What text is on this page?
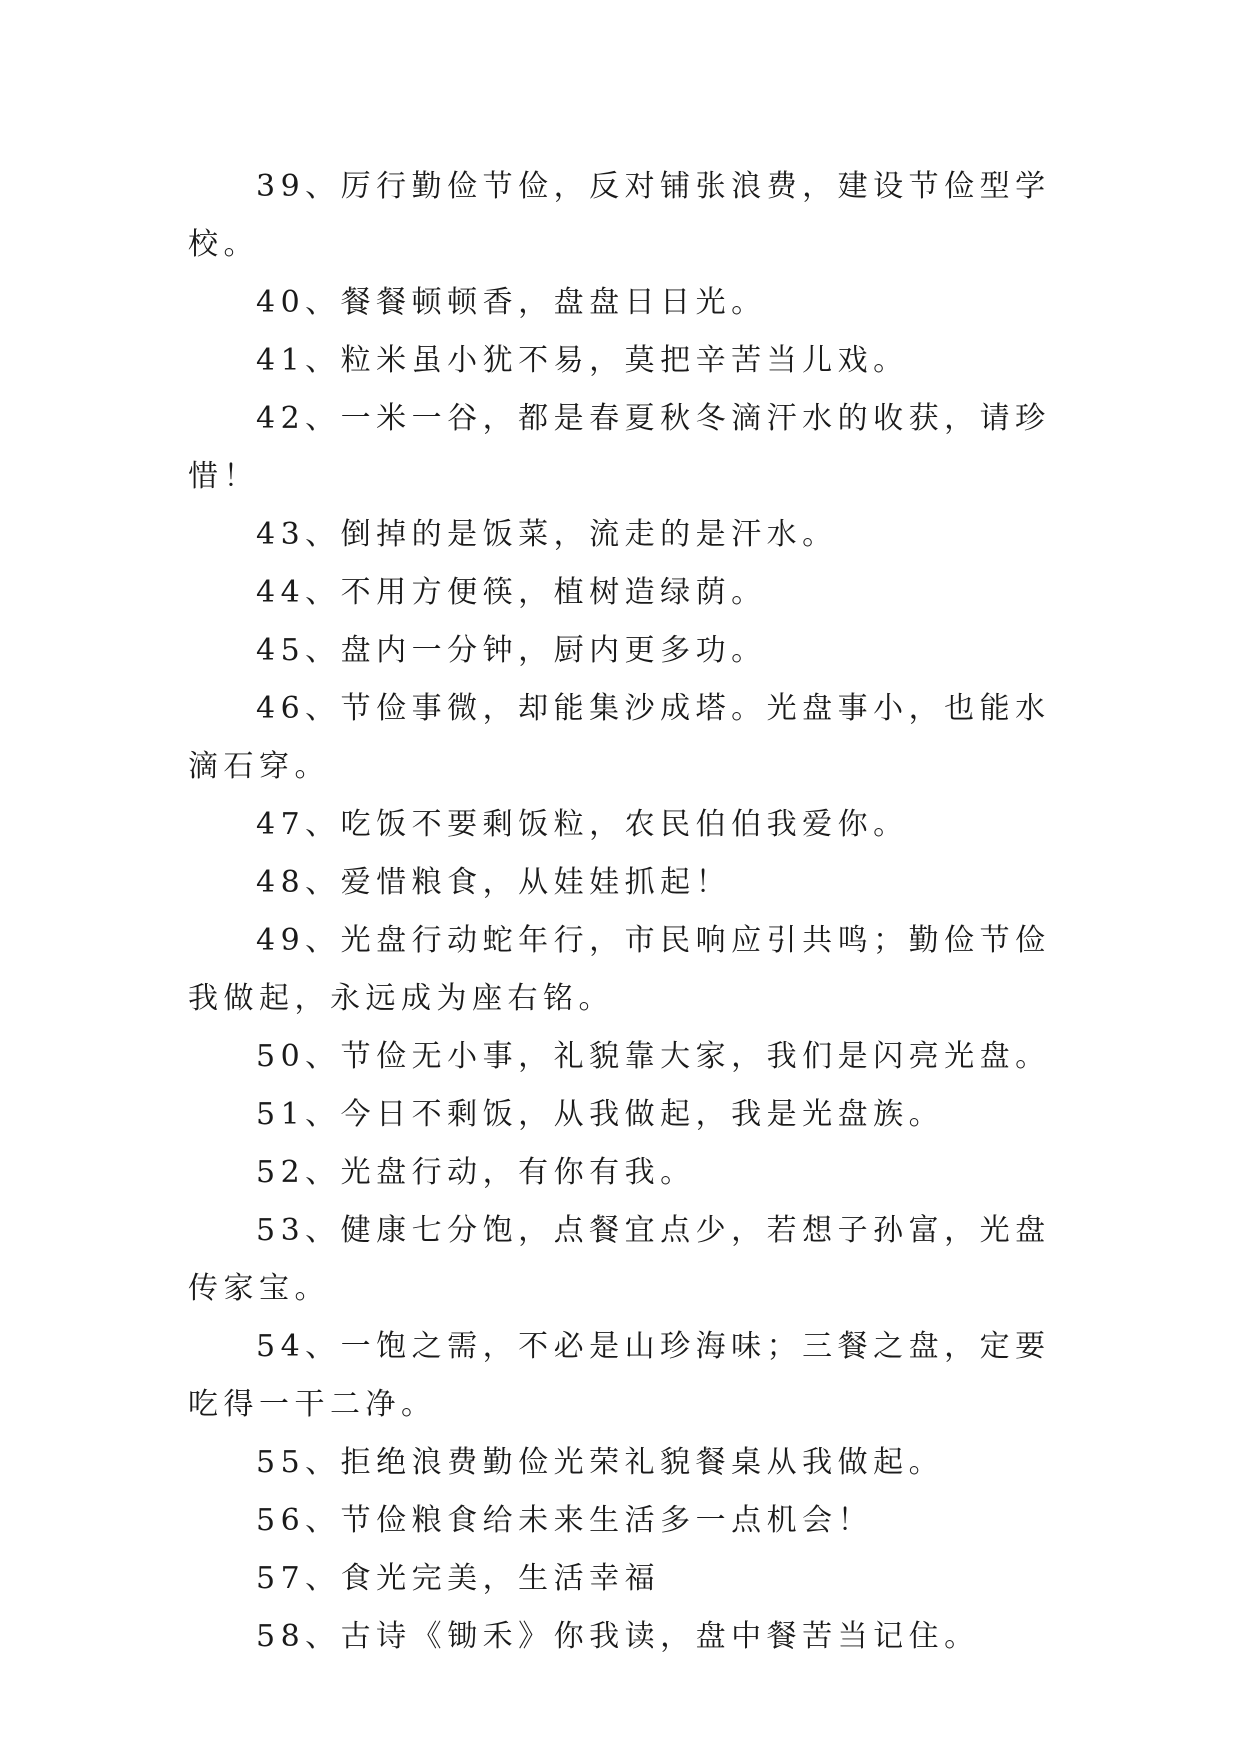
39、厉行勤俭节俭，反对铺张浪费，建设节俭型学校。

40、餐餐顿顿香，盘盘日日光。

41、粒米虽小犹不易，莫把辛苦当儿戏。

42、一米一谷，都是春夏秋冬滴汗水的收获，请珍惜！

43、倒掉的是饭菜，流走的是汗水。

44、不用方便筷，植树造绿荫。

45、盘内一分钟，厨内更多功。

46、节俭事微，却能集沙成塔。光盘事小，也能水滴石穿。

47、吃饭不要剩饭粒，农民伯伯我爱你。

48、爱惜粮食，从娃娃抓起！

49、光盘行动蛇年行，市民响应引共鸣；勤俭节俭我做起，永远成为座右铭。

50、节俭无小事，礼貌靠大家，我们是闪亮光盘。

51、今日不剩饭，从我做起，我是光盘族。

52、光盘行动，有你有我。

53、健康七分饱，点餐宜点少，若想子孙富，光盘传家宝。

54、一饱之需，不必是山珍海味；三餐之盘，定要吃得一干二净。

55、拒绝浪费勤俭光荣礼貌餐桌从我做起。

56、节俭粮食给未来生活多一点机会！

57、食光完美，生活幸福

58、古诗《锄禾》你我读，盘中餐苦当记住。
